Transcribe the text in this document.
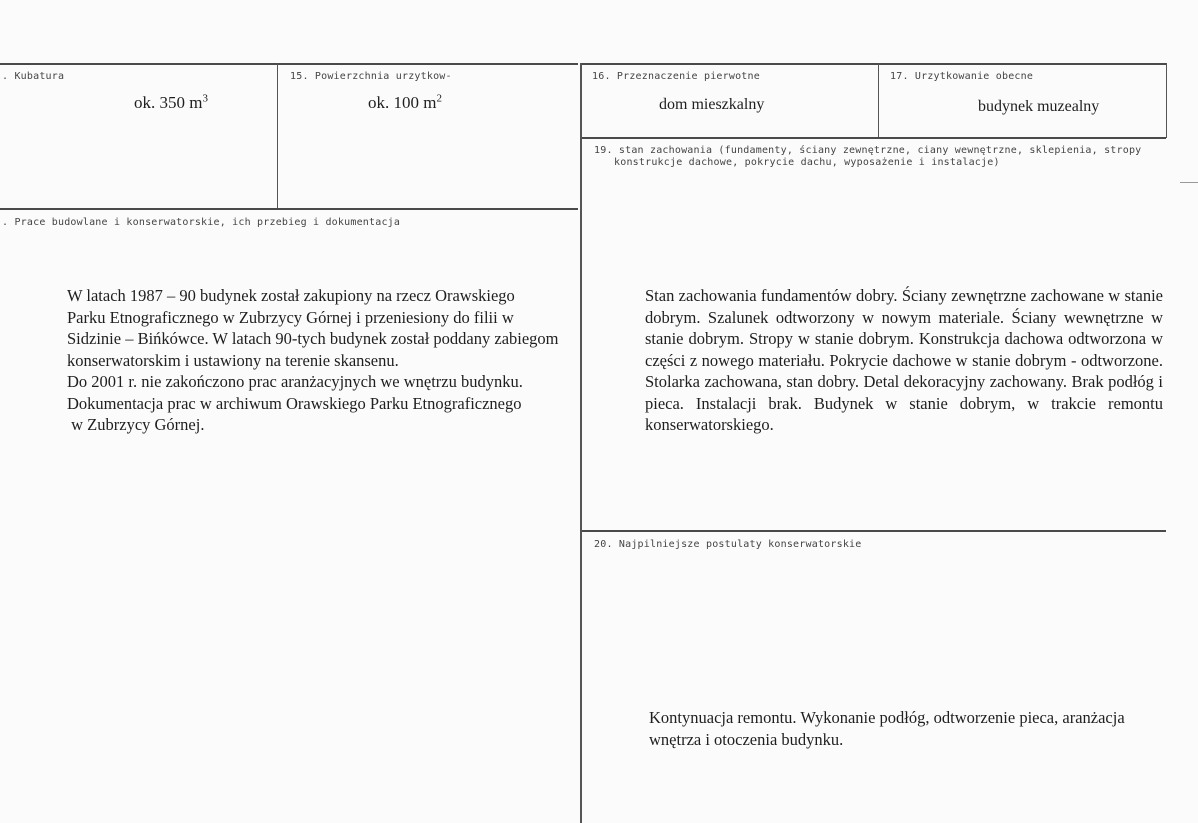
. Kubatura
ok. 350 $m^3$
15. Powierzchnia urzytkow-
ok. 100 $m^2$
16. Przeznaczenie pierwotne
dom mieszkalny
17. Urzytkowanie obecne
budynek muzealny
19. stan zachowania (fundamenty, ściany zewnętrzne, ciany wewnętrzne, sklepienia, stropy
konstrukcje dachowe, pokrycie dachu, wyposażenie i instalacje)
Stan zachowania fundamentów dobry. Ściany zewnętrzne zachowane w stanie dobrym. Szalunek odtworzony w nowym materiale. Ściany wewnętrzne w stanie dobrym. Stropy w stanie dobrym. Konstrukcja dachowa odtworzona w części z nowego materiału. Pokrycie dachowe w stanie dobrym - odtworzone. Stolarka zachowana, stan dobry. Detal dekoracyjny zachowany. Brak podłóg i pieca. Instalacji brak. Budynek w stanie dobrym, w trakcie remontu konserwatorskiego.
. Prace budowlane i konserwatorskie, ich przebieg i dokumentacja

W latach 1987 – 90 budynek został zakupiony na rzecz Orawskiego

Parku Etnograficznego w Zubrzycy Górnej i przeniesiony do filii w

Sidzinie – Bińkówce. W latach 90-tych budynek został poddany zabiegom

konserwatorskim i ustawiony na terenie skansenu.

Do 2001 r. nie zakończono prac aranżacyjnych we wnętrzu budynku.

Dokumentacja prac w archiwum Orawskiego Parku Etnograficznego

w Zubrzycy Górnej.

20. Najpilniejsze postulaty konserwatorskie
Kontynuacja remontu. Wykonanie podłóg, odtworzenie pieca, aranżacja wnętrza i otoczenia budynku.
